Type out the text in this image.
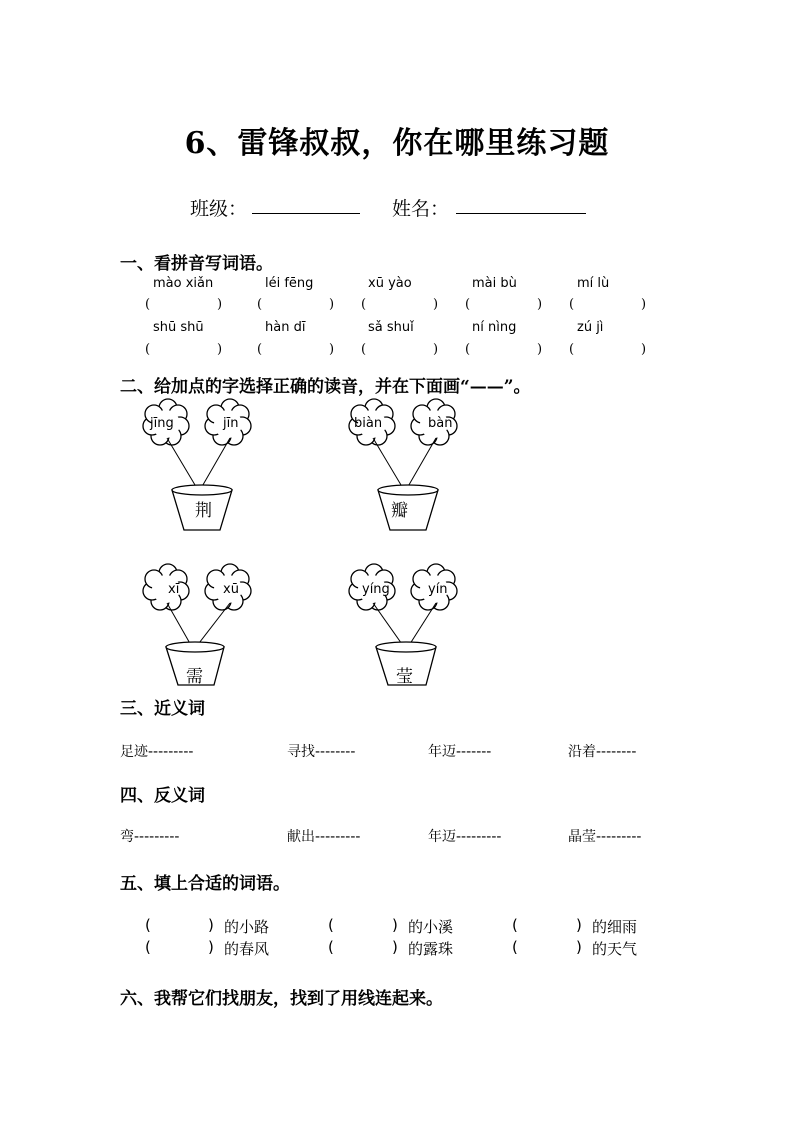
6、雷锋叔叔，你在哪里练习题
班级：	姓名：
一、看拼音写词语。
mào xiǎn	léi fēng	xū yào	mài bù	mí lù
(	)	(	) (	) (	) (	)
shū shū	hàn dī	sǎ shuǐ	ní nìng	zú jì
(	)	(	) (	) (	) (	)
二、给加点的字选择正确的读音，并在下面画“——”。
jīng	jīn
荆
biàn	bàn
瓣
xī	xū
需
yíng	yín
莹
三、近义词
足迹---------	寻找--------	年迈-------	沿着--------
四、反义词
弯---------	献出---------	年迈---------	晶莹---------
五、填上合适的词语。
(	) 的小路	(	) 的小溪	(	) 的细雨
(	) 的春风	(	) 的露珠	(	) 的天气
六、我帮它们找朋友，找到了用线连起来。
